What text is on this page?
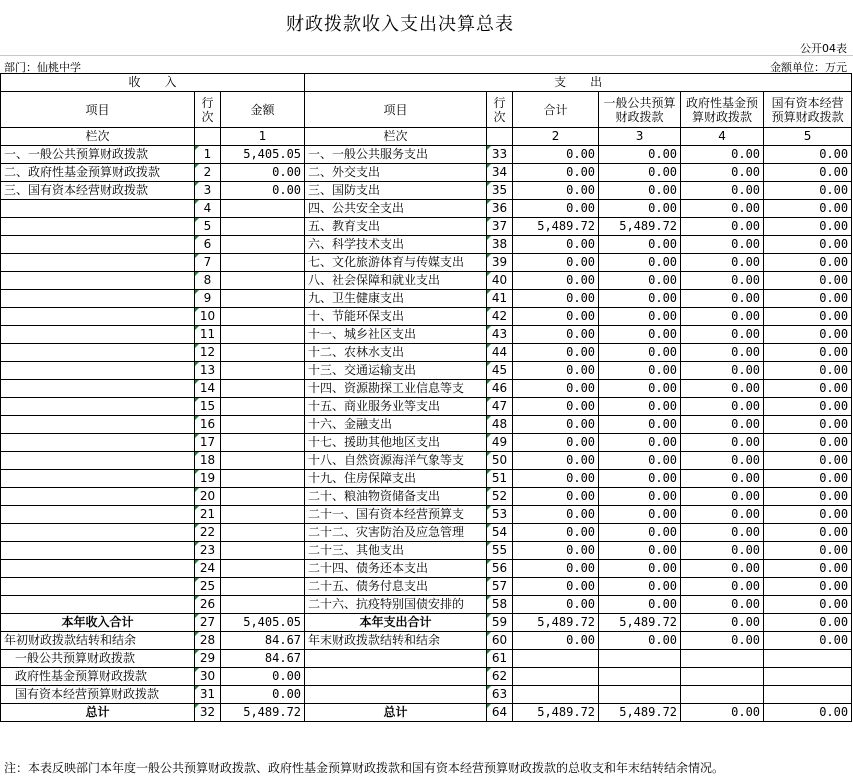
财政拨款收入支出决算总表
公开04表
部门：仙桃中学	金额单位：万元
收　　入			支　　出					
项目	行次	金额	项目	行次	合计	一般公共预算财政拨款	政府性基金预算财政拨款	国有资本经营预算财政拨款
栏次		1	栏次		2	3	4	5
一、一般公共预算财政拨款	1	5,405.05	一、一般公共服务支出	33	0.00	0.00	0.00	0.00
二、政府性基金预算财政拨款	2	0.00	二、外交支出	34	0.00	0.00	0.00	0.00
三、国有资本经营财政拨款	3	0.00	三、国防支出	35	0.00	0.00	0.00	0.00
	4		四、公共安全支出	36	0.00	0.00	0.00	0.00
	5		五、教育支出	37	5,489.72	5,489.72	0.00	0.00
	6		六、科学技术支出	38	0.00	0.00	0.00	0.00
	7		七、文化旅游体育与传媒支出	39	0.00	0.00	0.00	0.00
	8		八、社会保障和就业支出	40	0.00	0.00	0.00	0.00
	9		九、卫生健康支出	41	0.00	0.00	0.00	0.00
	10		十、节能环保支出	42	0.00	0.00	0.00	0.00
	11		十一、城乡社区支出	43	0.00	0.00	0.00	0.00
	12		十二、农林水支出	44	0.00	0.00	0.00	0.00
	13		十三、交通运输支出	45	0.00	0.00	0.00	0.00
	14		十四、资源勘探工业信息等支	46	0.00	0.00	0.00	0.00
	15		十五、商业服务业等支出	47	0.00	0.00	0.00	0.00
	16		十六、金融支出	48	0.00	0.00	0.00	0.00
	17		十七、援助其他地区支出	49	0.00	0.00	0.00	0.00
	18		十八、自然资源海洋气象等支	50	0.00	0.00	0.00	0.00
	19		十九、住房保障支出	51	0.00	0.00	0.00	0.00
	20		二十、粮油物资储备支出	52	0.00	0.00	0.00	0.00
	21		二十一、国有资本经营预算支	53	0.00	0.00	0.00	0.00
	22		二十二、灾害防治及应急管理	54	0.00	0.00	0.00	0.00
	23		二十三、其他支出	55	0.00	0.00	0.00	0.00
	24		二十四、债务还本支出	56	0.00	0.00	0.00	0.00
	25		二十五、债务付息支出	57	0.00	0.00	0.00	0.00
	26		二十六、抗疫特别国债安排的	58	0.00	0.00	0.00	0.00
本年收入合计	27	5,405.05	本年支出合计	59	5,489.72	5,489.72	0.00	0.00
年初财政拨款结转和结余	28	84.67	年末财政拨款结转和结余	60	0.00	0.00	0.00	0.00
一般公共预算财政拨款	29	84.67		61				
政府性基金预算财政拨款	30	0.00		62				
国有资本经营预算财政拨款	31	0.00		63				
总计	32	5,489.72	总计	64	5,489.72	5,489.72	0.00	0.00
注：本表反映部门本年度一般公共预算财政拨款、政府性基金预算财政拨款和国有资本经营预算财政拨款的总收支和年末结转结余情况。
